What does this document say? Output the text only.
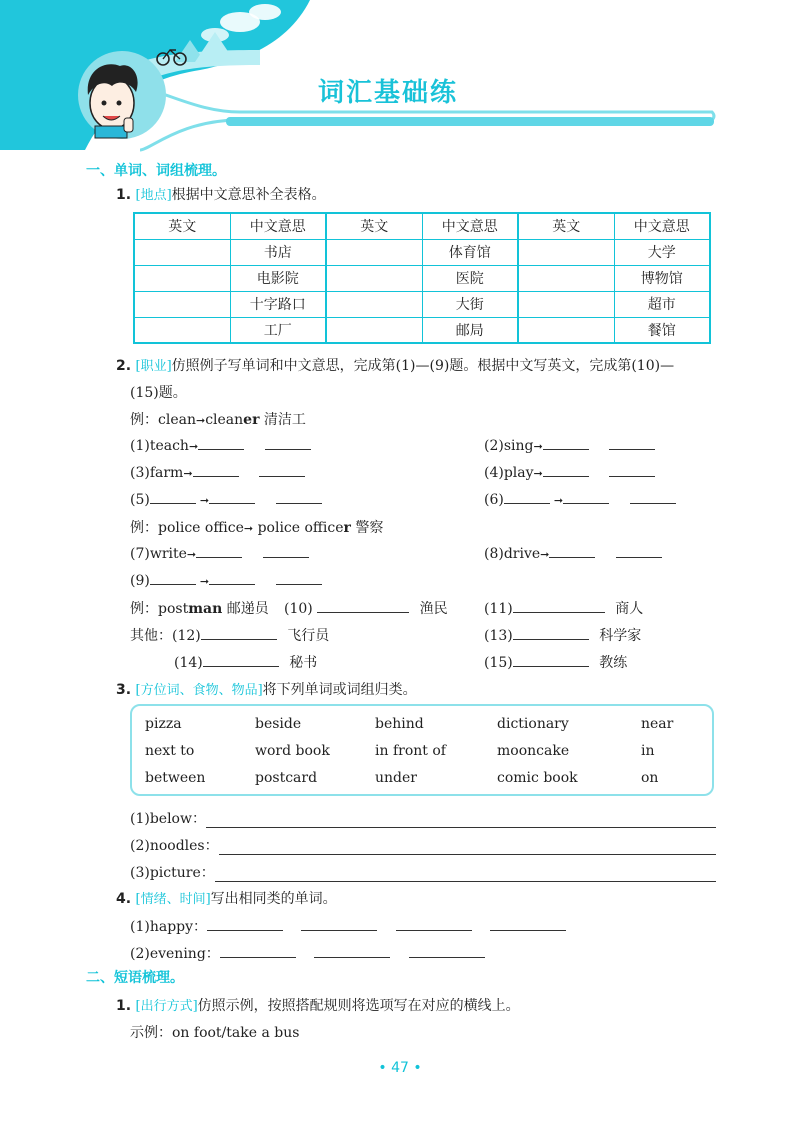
词汇基础练
一、单词、词组梳理。
1. [地点]根据中文意思补全表格。
英文	中文意思	英文	中文意思	英文	中文意思
	书店		体育馆		大学
	电影院		医院		博物馆
	十字路口		大街		超市
	工厂		邮局		餐馆
2. [职业]仿照例子写单词和中文意思，完成第(1)—(9)题。根据中文写英文，完成第(10)—
(15)题。
例：clean➞cleaner 清洁工
(1)teach➞	(2)sing➞
(3)farm➞	(4)play➞
(5)	➞	(6)	➞
例：police office➞ police officer 警察
(7)write➞	(8)drive➞
(9)	➞
例：postman 邮递员 (10)	渔民	(11)	商人
其他：(12)	飞行员	(13)	科学家
(14)	秘书	(15)	教练
3. [方位词、食物、物品]将下列单词或词组归类。
pizza	beside	behind	dictionary	near
next to	word book	in front of	mooncake	in
between	postcard	under	comic book	on
(1)below：
(2)noodles：
(3)picture：
4. [情绪、时间]写出相同类的单词。
(1)happy：
(2)evening：
二、短语梳理。
1. [出行方式]仿照示例，按照搭配规则将选项写在对应的横线上。
示例：on foot/take a bus
• 47 •
